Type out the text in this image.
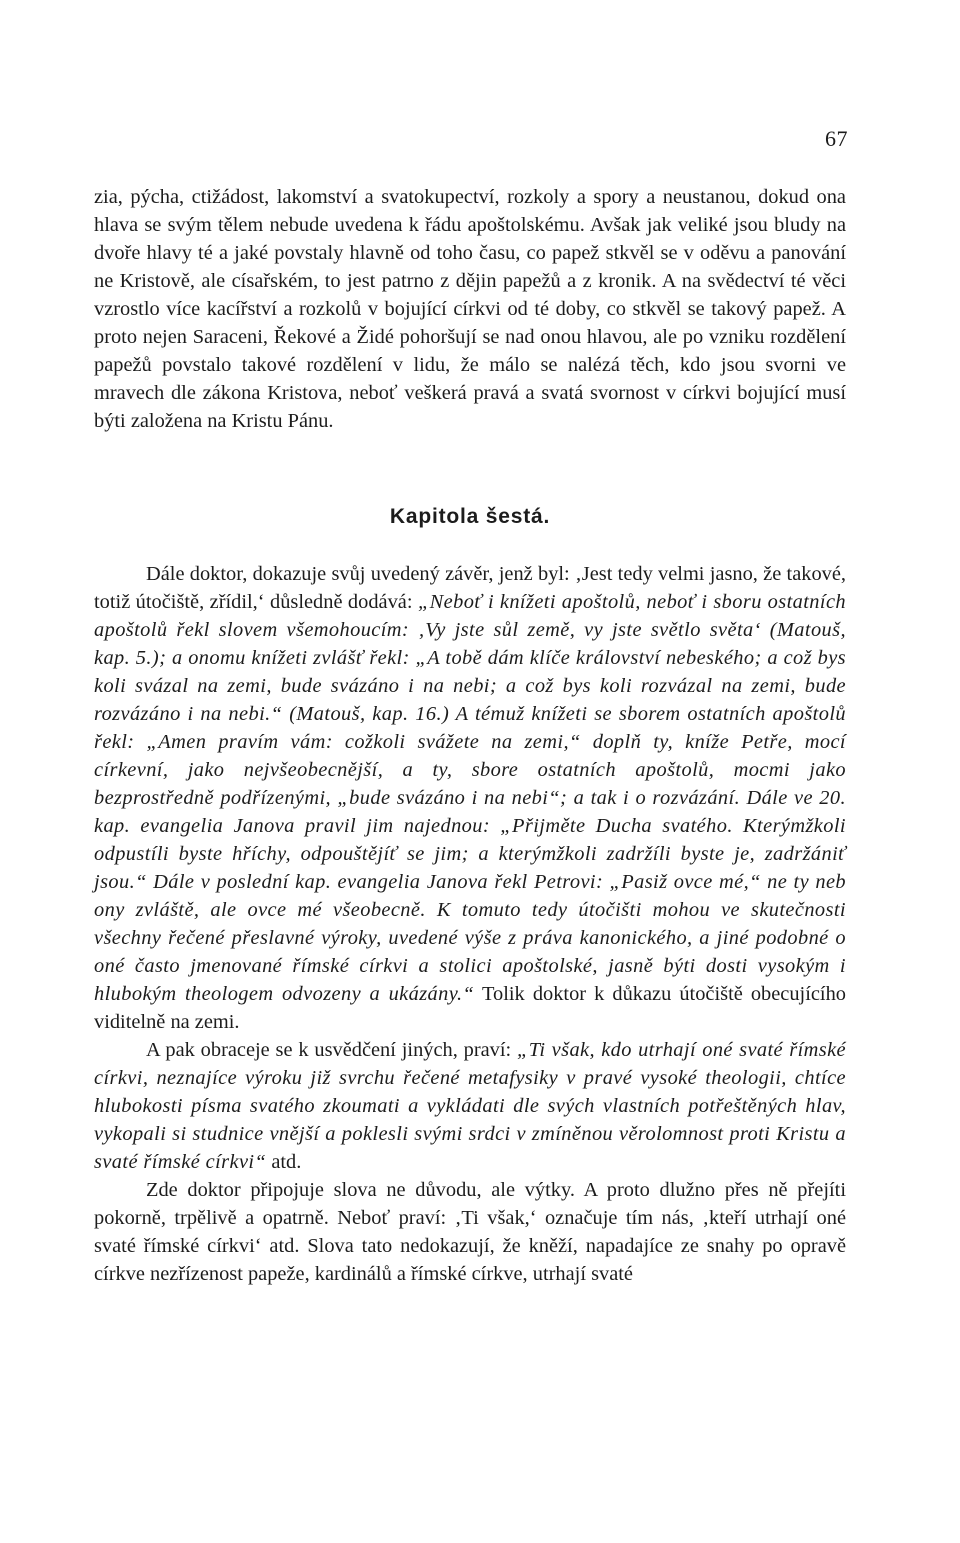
67

zia, pýcha, ctižádost, lakomství a svatokupectví, rozkoly a spory a neustanou, dokud ona hlava se svým tělem nebude uvedena k řádu apoštolskému. Avšak jak veliké jsou bludy na dvoře hlavy té a jaké povstaly hlavně od toho času, co papež stkvěl se v oděvu a panování ne Kristově, ale císařském, to jest patrno z dějin papežů a z kronik. A na svědectví té věci vzrostlo více kacířství a rozkolů v bojující církvi od té doby, co stkvěl se takový papež. A proto nejen Saraceni, Řekové a Židé pohoršují se nad onou hlavou, ale po vzniku rozdělení papežů povstalo takové rozdělení v lidu, že málo se nalézá těch, kdo jsou svorni ve mravech dle zákona Kristova, neboť veškerá pravá a svatá svornost v církvi bojující musí býti založena na Kristu Pánu.

Kapitola šestá.

Dále doktor, dokazuje svůj uvedený závěr, jenž byl: ‚Jest tedy velmi jasno, že takové, totiž útočiště, zřídil,‘ důsledně dodává: „Neboť i knížeti apoštolů, neboť i sboru ostatních apoštolů řekl slovem všemohoucím: ‚Vy jste sůl země, vy jste světlo světa‘ (Matouš, kap. 5.); a onomu knížeti zvlášť řekl: „A tobě dám klíče království nebeského; a což bys koli svázal na zemi, bude svázáno i na nebi; a což bys koli rozvázal na zemi, bude rozvázáno i na nebi.“ (Matouš, kap. 16.) A témuž knížeti se sborem ostatních apoštolů řekl: „Amen pravím vám: cožkoli svážete na zemi,“ doplň ty, kníže Petře, mocí církevní, jako nejvšeobecnější, a ty, sbore ostatních apoštolů, mocmi jako bezprostředně podřízenými, „bude svázáno i na nebi“; a tak i o rozvázání. Dále ve 20. kap. evangelia Janova pravil jim najednou: „Přijměte Ducha svatého. Kterýmžkoli odpustíli byste hříchy, odpouštějíť se jim; a kterýmžkoli zadržíli byste je, zadržániť jsou.“ Dále v poslední kap. evangelia Janova řekl Petrovi: „Pasiž ovce mé,“ ne ty neb ony zvláště, ale ovce mé všeobecně. K tomuto tedy útočišti mohou ve skutečnosti všechny řečené přeslavné výroky, uvedené výše z práva kanonického, a jiné podobné o oné často jmenované římské církvi a stolici apoštolské, jasně býti dosti vysokým i hlubokým theologem odvozeny a ukázány.“ Tolik doktor k důkazu útočiště obecujícího viditelně na zemi.

A pak obraceje se k usvědčení jiných, praví: „Ti však, kdo utrhají oné svaté římské církvi, neznajíce výroku již svrchu řečené metafysiky v pravé vysoké theologii, chtíce hlubokosti písma svatého zkoumati a vykládati dle svých vlastních potřeštěných hlav, vykopali si studnice vnější a poklesli svými srdci v zmíněnou věrolomnost proti Kristu a svaté římské církvi“ atd.

Zde doktor připojuje slova ne důvodu, ale výtky. A proto dlužno přes ně přejíti pokorně, trpělivě a opatrně. Neboť praví: ‚Ti však,‘ označuje tím nás, ‚kteří utrhají oné svaté římské církvi‘ atd. Slova tato nedokazují, že kněží, napadajíce ze snahy po opravě církve nezřízenost papeže, kardinálů a římské církve, utrhají svaté
